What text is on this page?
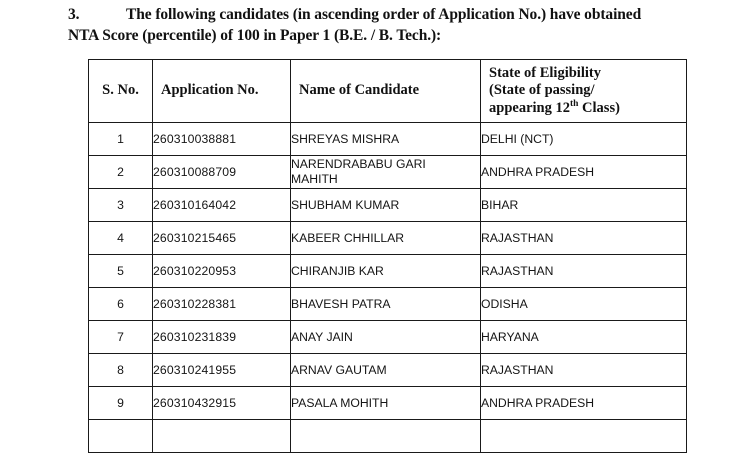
3.	The following candidates (in ascending order of Application No.) have obtained
NTA Score (percentile) of 100 in Paper 1 (B.E. / B. Tech.):
S. No.	Application No.	Name of Candidate	State of Eligibility
(State of passing/
appearing 12th Class)

1	260310038881	SHREYAS MISHRA	DELHI (NCT)
2	260310088709	NARENDRABABU GARI
MAHITH	ANDHRA PRADESH
3	260310164042	SHUBHAM KUMAR	BIHAR
4	260310215465	KABEER CHHILLAR	RAJASTHAN
5	260310220953	CHIRANJIB KAR	RAJASTHAN
6	260310228381	BHAVESH PATRA	ODISHA
7	260310231839	ANAY JAIN	HARYANA
8	260310241955	ARNAV GAUTAM	RAJASTHAN
9	260310432915	PASALA MOHITH	ANDHRA PRADESH
